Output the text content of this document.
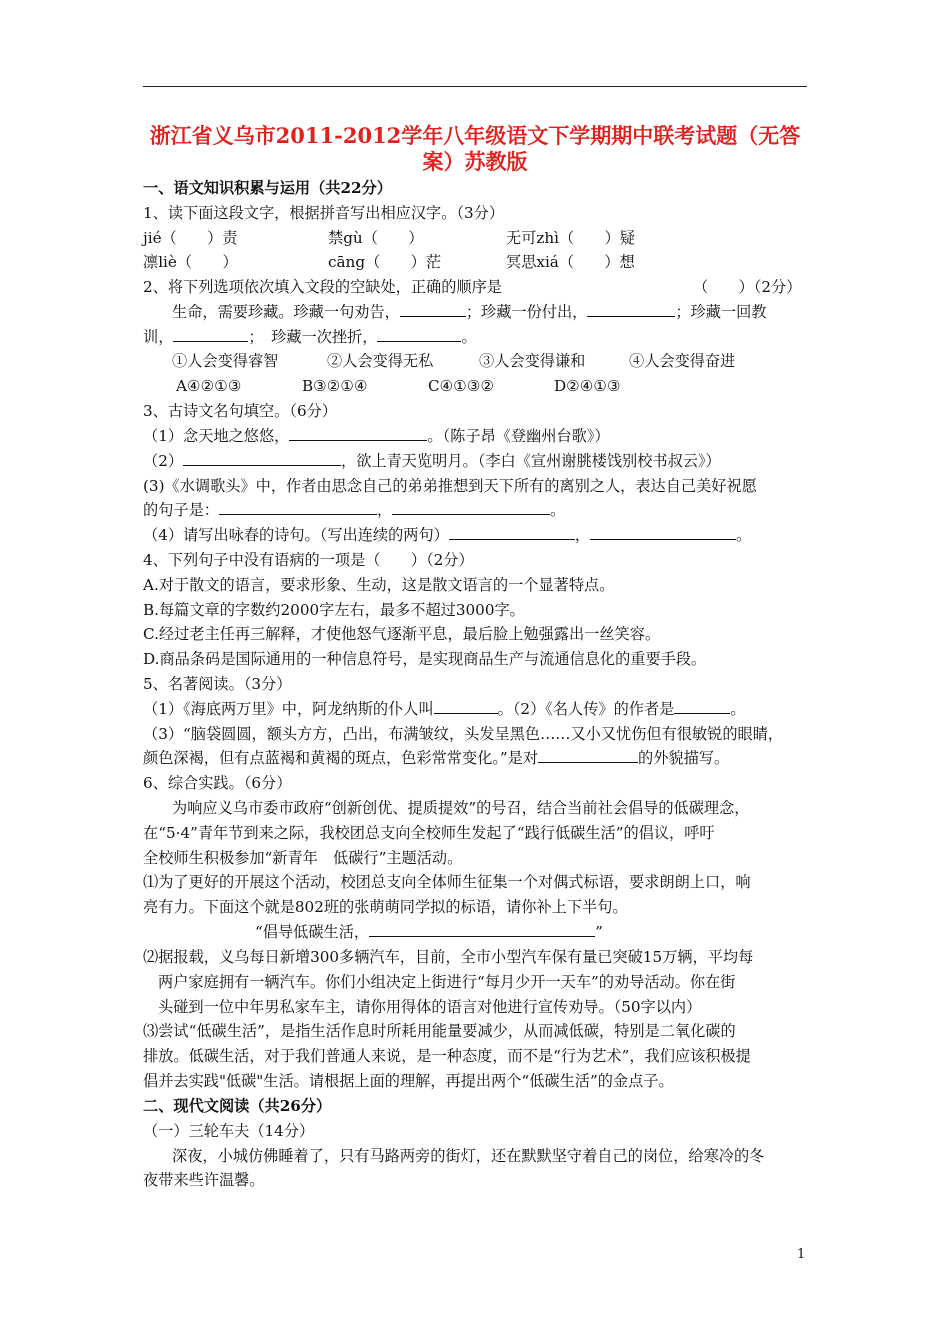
浙江省义乌市2011-2012学年八年级语文下学期期中联考试题（无答
案）苏教版
一、语文知识积累与运用（共22分）
1、读下面这段文字，根据拼音写出相应汉字。（3分）
jié（　　）责	禁gù（　　）	无可zhì（　　）疑
凛liè（　　）	cāng（　　）茫	冥思xiá（　　）想
2、将下列选项依次填入文段的空缺处，正确的顺序是	（　　）（2分）
生命，需要珍藏。珍藏一句劝告，	；珍藏一份付出，	；珍藏一回教
训，	；　珍藏一次挫折，	。
①人会变得睿智	②人会变得无私	③人会变得谦和	④人会变得奋进
A④②①③	B③②①④	C④①③②	D②④①③
3、古诗文名句填空。（6分）
（1）念天地之悠悠，	。（陈子昂《登幽州台歌》）
（2）	，欲上青天览明月。（李白《宣州谢朓楼饯别校书叔云》）
(3)《水调歌头》中，作者由思念自己的弟弟推想到天下所有的离别之人，表达自己美好祝愿
的句子是：	，	。
（4）请写出咏春的诗句。（写出连续的两句）	，	。
4、下列句子中没有语病的一项是（　　）（2分）
A.对于散文的语言，要求形象、生动，这是散文语言的一个显著特点。
B.每篇文章的字数约2000字左右，最多不超过3000字。
C.经过老主任再三解释，才使他怒气逐渐平息，最后脸上勉强露出一丝笑容。
D.商品条码是国际通用的一种信息符号，是实现商品生产与流通信息化的重要手段。
5、名著阅读。（3分）
（1）《海底两万里》中，阿龙纳斯的仆人叫	。（2）《名人传》的作者是	。
（3）“脑袋圆圆，额头方方，凸出，布满皱纹，头发呈黑色……又小又忧伤但有很敏锐的眼睛，
颜色深褐，但有点蓝褐和黄褐的斑点，色彩常常变化。”是对	的外貌描写。
6、综合实践。（6分）
为响应义乌市委市政府“创新创优、提质提效”的号召，结合当前社会倡导的低碳理念，
在“5·4”青年节到来之际，我校团总支向全校师生发起了“践行低碳生活”的倡议，呼吁
全校师生积极参加“新青年　低碳行”主题活动。
⑴为了更好的开展这个活动，校团总支向全体师生征集一个对偶式标语，要求朗朗上口，响
亮有力。下面这个就是802班的张萌萌同学拟的标语，请你补上下半句。
“倡导低碳生活，	”
⑵据报载，义乌每日新增300多辆汽车，目前，全市小型汽车保有量已突破15万辆，平均每
两户家庭拥有一辆汽车。你们小组决定上街进行“每月少开一天车”的劝导活动。你在街
头碰到一位中年男私家车主，请你用得体的语言对他进行宣传劝导。（50字以内）
⑶尝试“低碳生活”，是指生活作息时所耗用能量要减少，从而减低碳，特别是二氧化碳的
排放。低碳生活，对于我们普通人来说，是一种态度，而不是“行为艺术”，我们应该积极提
倡并去实践"低碳"生活。请根据上面的理解，再提出两个“低碳生活”的金点子。
二、现代文阅读（共26分）
（一）三轮车夫（14分）
深夜，小城仿佛睡着了，只有马路两旁的街灯，还在默默坚守着自己的岗位，给寒冷的冬
夜带来些许温馨。
1
